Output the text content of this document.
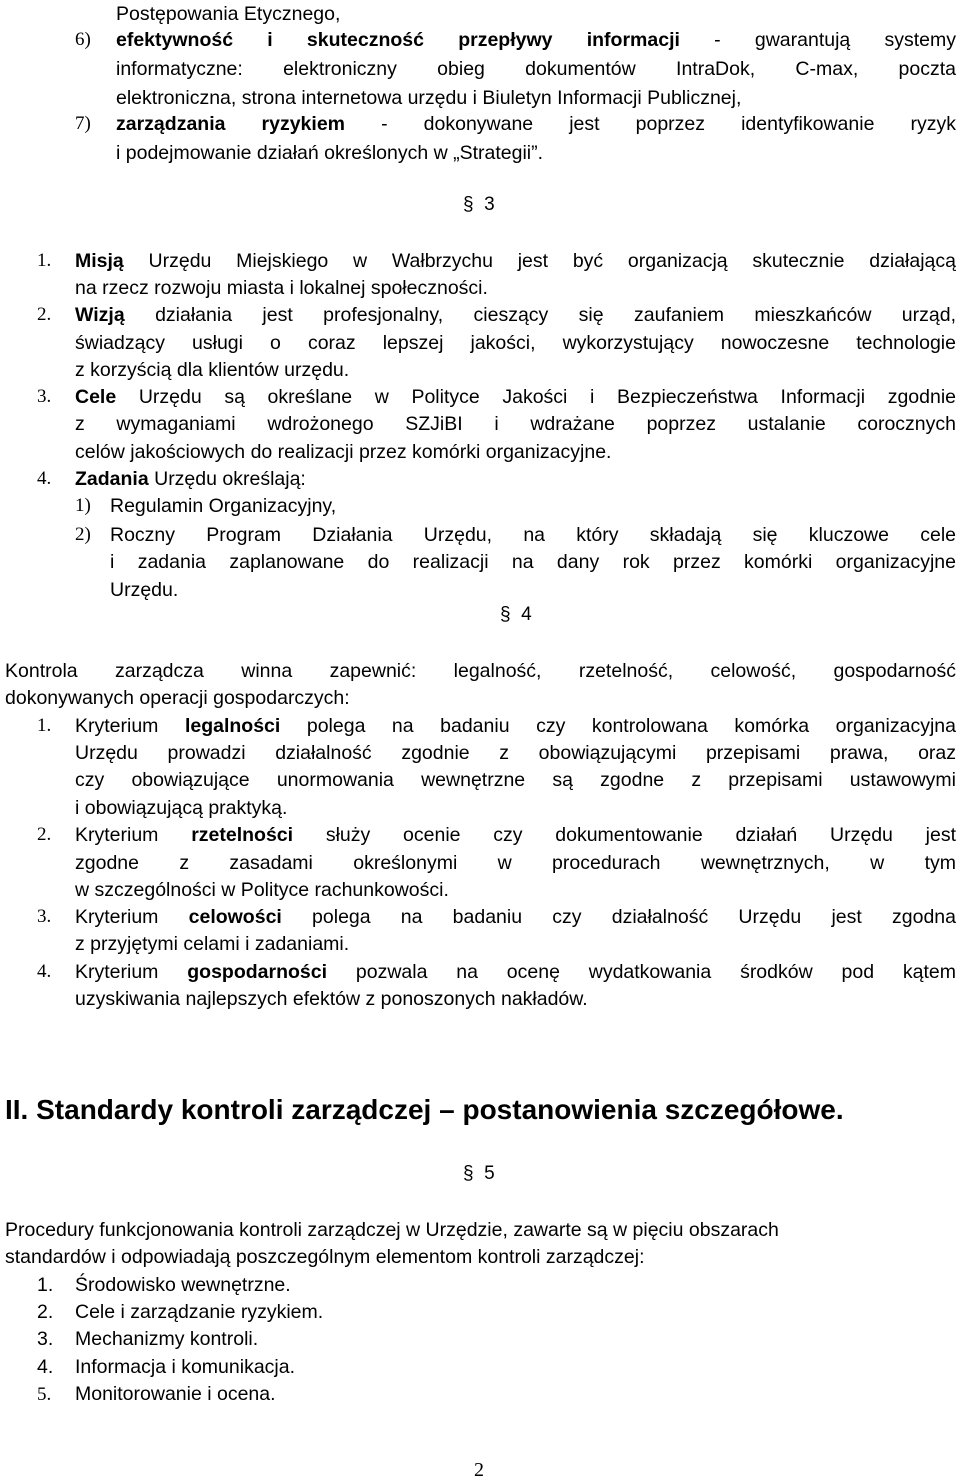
Postępowania Etycznego,
6) efektywność i skuteczność przepływy informacji - gwarantują systemy
informatyczne: elektroniczny obieg dokumentów IntraDok, C-max, poczta
elektroniczna, strona internetowa urzędu i Biuletyn Informacji Publicznej,
7) zarządzania ryzykiem - dokonywane jest poprzez identyfikowanie ryzyk
i podejmowanie działań określonych w „Strategii”.
§ 3
1. Misją Urzędu Miejskiego w Wałbrzychu jest być organizacją skutecznie działającą
na rzecz rozwoju miasta i lokalnej społeczności.
2. Wizją działania jest profesjonalny, cieszący się zaufaniem mieszkańców urząd,
świadzący usługi o coraz lepszej jakości, wykorzystujący nowoczesne technologie
z korzyścią dla klientów urzędu.
3. Cele Urzędu są określane w Polityce Jakości i Bezpieczeństwa Informacji zgodnie
z wymaganiami wdrożonego SZJiBI i wdrażane poprzez ustalanie corocznych
celów jakościowych do realizacji przez komórki organizacyjne.
4. Zadania Urzędu określają:
1) Regulamin Organizacyjny,
2) Roczny Program Działania Urzędu, na który składają się kluczowe cele
i zadania zaplanowane do realizacji na dany rok przez komórki organizacyjne
Urzędu.
§ 4
Kontrola zarządcza winna zapewnić: legalność, rzetelność, celowość, gospodarność
dokonywanych operacji gospodarczych:
1. Kryterium legalności polega na badaniu czy kontrolowana komórka organizacyjna
Urzędu prowadzi działalność zgodnie z obowiązującymi przepisami prawa, oraz
czy obowiązujące unormowania wewnętrzne są zgodne z przepisami ustawowymi
i obowiązującą praktyką.
2. Kryterium rzetelności służy ocenie czy dokumentowanie działań Urzędu jest
zgodne z zasadami określonymi w procedurach wewnętrznych, w tym
w szczególności w Polityce rachunkowości.
3. Kryterium celowości polega na badaniu czy działalność Urzędu jest zgodna
z przyjętymi celami i zadaniami.
4. Kryterium gospodarności pozwala na ocenę wydatkowania środków pod kątem
uzyskiwania najlepszych efektów z ponoszonych nakładów.
II. Standardy kontroli zarządczej – postanowienia szczegółowe.
§ 5
Procedury funkcjonowania kontroli zarządczej w Urzędzie, zawarte są w pięciu obszarach
standardów i odpowiadają poszczególnym elementom kontroli zarządczej:
1. Środowisko wewnętrzne.
2. Cele i zarządzanie ryzykiem.
3. Mechanizmy kontroli.
4. Informacja i komunikacja.
5. Monitorowanie i ocena.
2
